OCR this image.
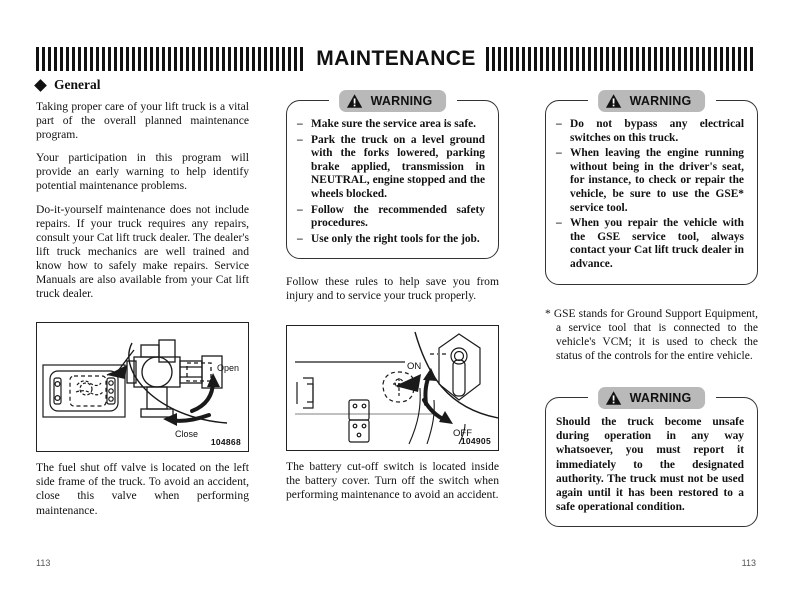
MAINTENANCE
General

Taking proper care of your lift truck is a vital part of the overall planned maintenance program.

Your participation in this program will provide an early warning to help identify potential maintenance problems.

Do-it-yourself maintenance does not include repairs. If your truck requires any repairs, consult your Cat lift truck dealer. The dealer's lift truck mechanics are well trained and know how to safely make repairs. Service Manuals are also available from your Cat lift truck dealer.

Open
Close
104868

The fuel shut off valve is located on the left side frame of the truck. To avoid an accident, close this valve when performing maintenance.

WARNING
– Make sure the service area is safe.
– Park the truck on a level ground with the forks lowered, parking brake applied, transmission in NEUTRAL, engine stopped and the wheels blocked.
– Follow the recommended safety procedures.
– Use only the right tools for the job.

Follow these rules to help save you from injury and to service your truck properly.

ON
OFF
104905

The battery cut-off switch is located inside the battery cover. Turn off the switch when performing maintenance to avoid an accident.

WARNING
– Do not bypass any electrical switches on this truck.
– When leaving the engine running without being in the driver's seat, for instance, to check or repair the vehicle, be sure to use the GSE* service tool.
– When you repair the vehicle with the GSE service tool, always contact your Cat lift truck dealer in advance.

* GSE stands for Ground Support Equipment, a service tool that is connected to the vehicle's VCM; it is used to check the status of the controls for the entire vehicle.

WARNING

Should the truck become unsafe during operation in any way whatsoever, you must report it immediately to the designated authority. The truck must not be used again until it has been restored to a safe operational condition.

113	113
